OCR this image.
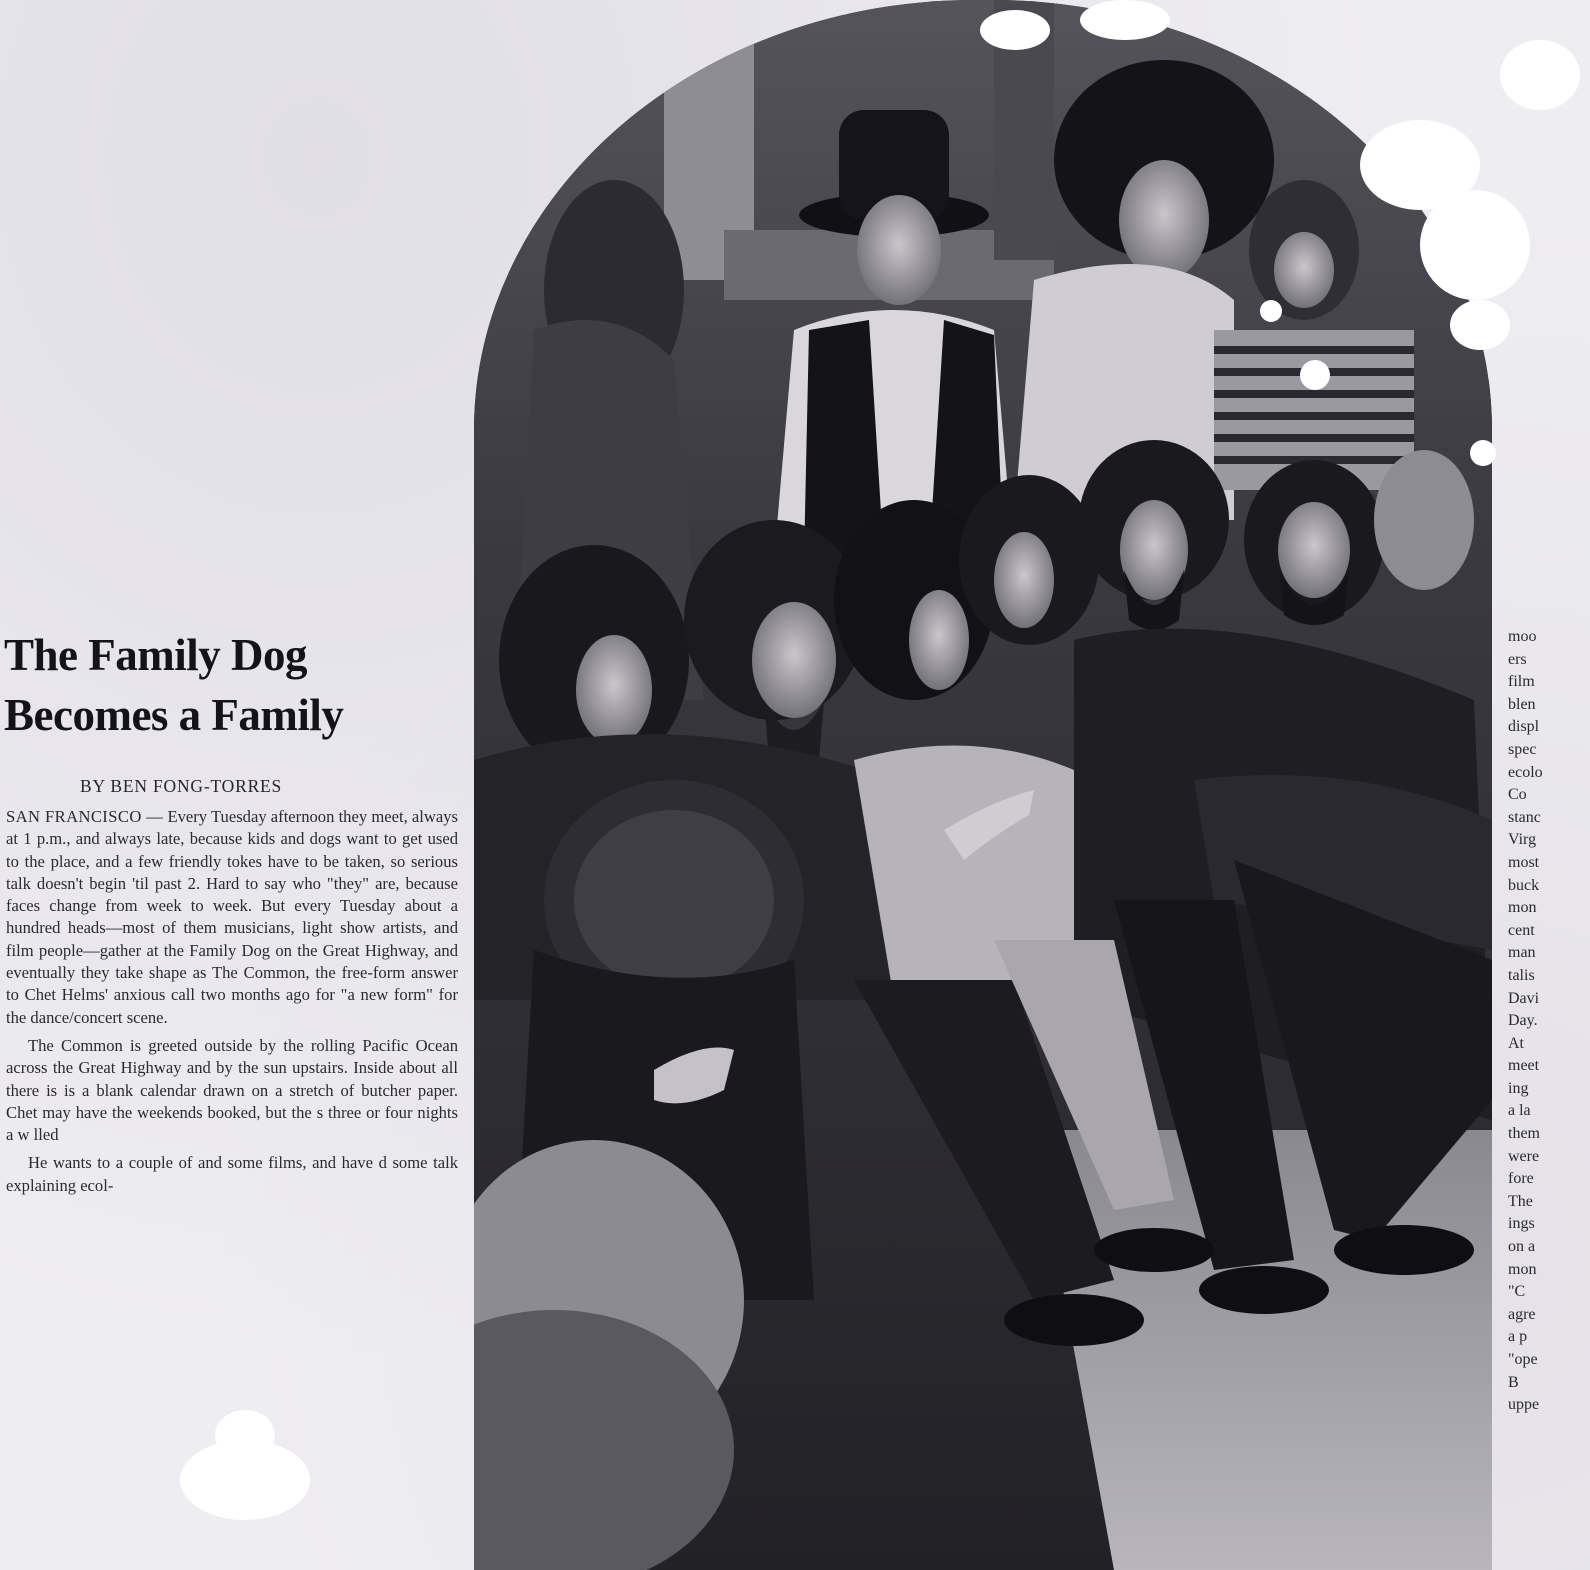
The Family Dog
Becomes a Family
BY BEN FONG-TORRES

SAN FRANCISCO — Every Tuesday afternoon they meet, always at 1 p.m., and always late, because kids and dogs want to get used to the place, and a few friendly tokes have to be taken, so serious talk doesn't begin 'til past 2. Hard to say who "they" are, because faces change from week to week. But every Tuesday about a hundred heads—most of them musicians, light show artists, and film people—gather at the Family Dog on the Great Highway, and eventually they take shape as The Common, the free-form answer to Chet Helms' anxious call two months ago for "a new form" for the dance/concert scene.

The Common is greeted outside by the rolling Pacific Ocean across the Great Highway and by the sun upstairs. Inside about all there is is a blank calendar drawn on a stretch of butcher paper. Chet may have the weekends booked, but the s three or four nights a w lled

He wants to a couple of and some films, and have d some talk explaining ecol-

moo
ers
film
blen
displ
spec
ecolo
Co
stanc
Virg
most
buck
mon
cent
man
talis
Davi
Day.
At
meet
ing
a la
them
were
fore
The
ings
on a
mon
"C
agre
a p
"ope
B
uppe
